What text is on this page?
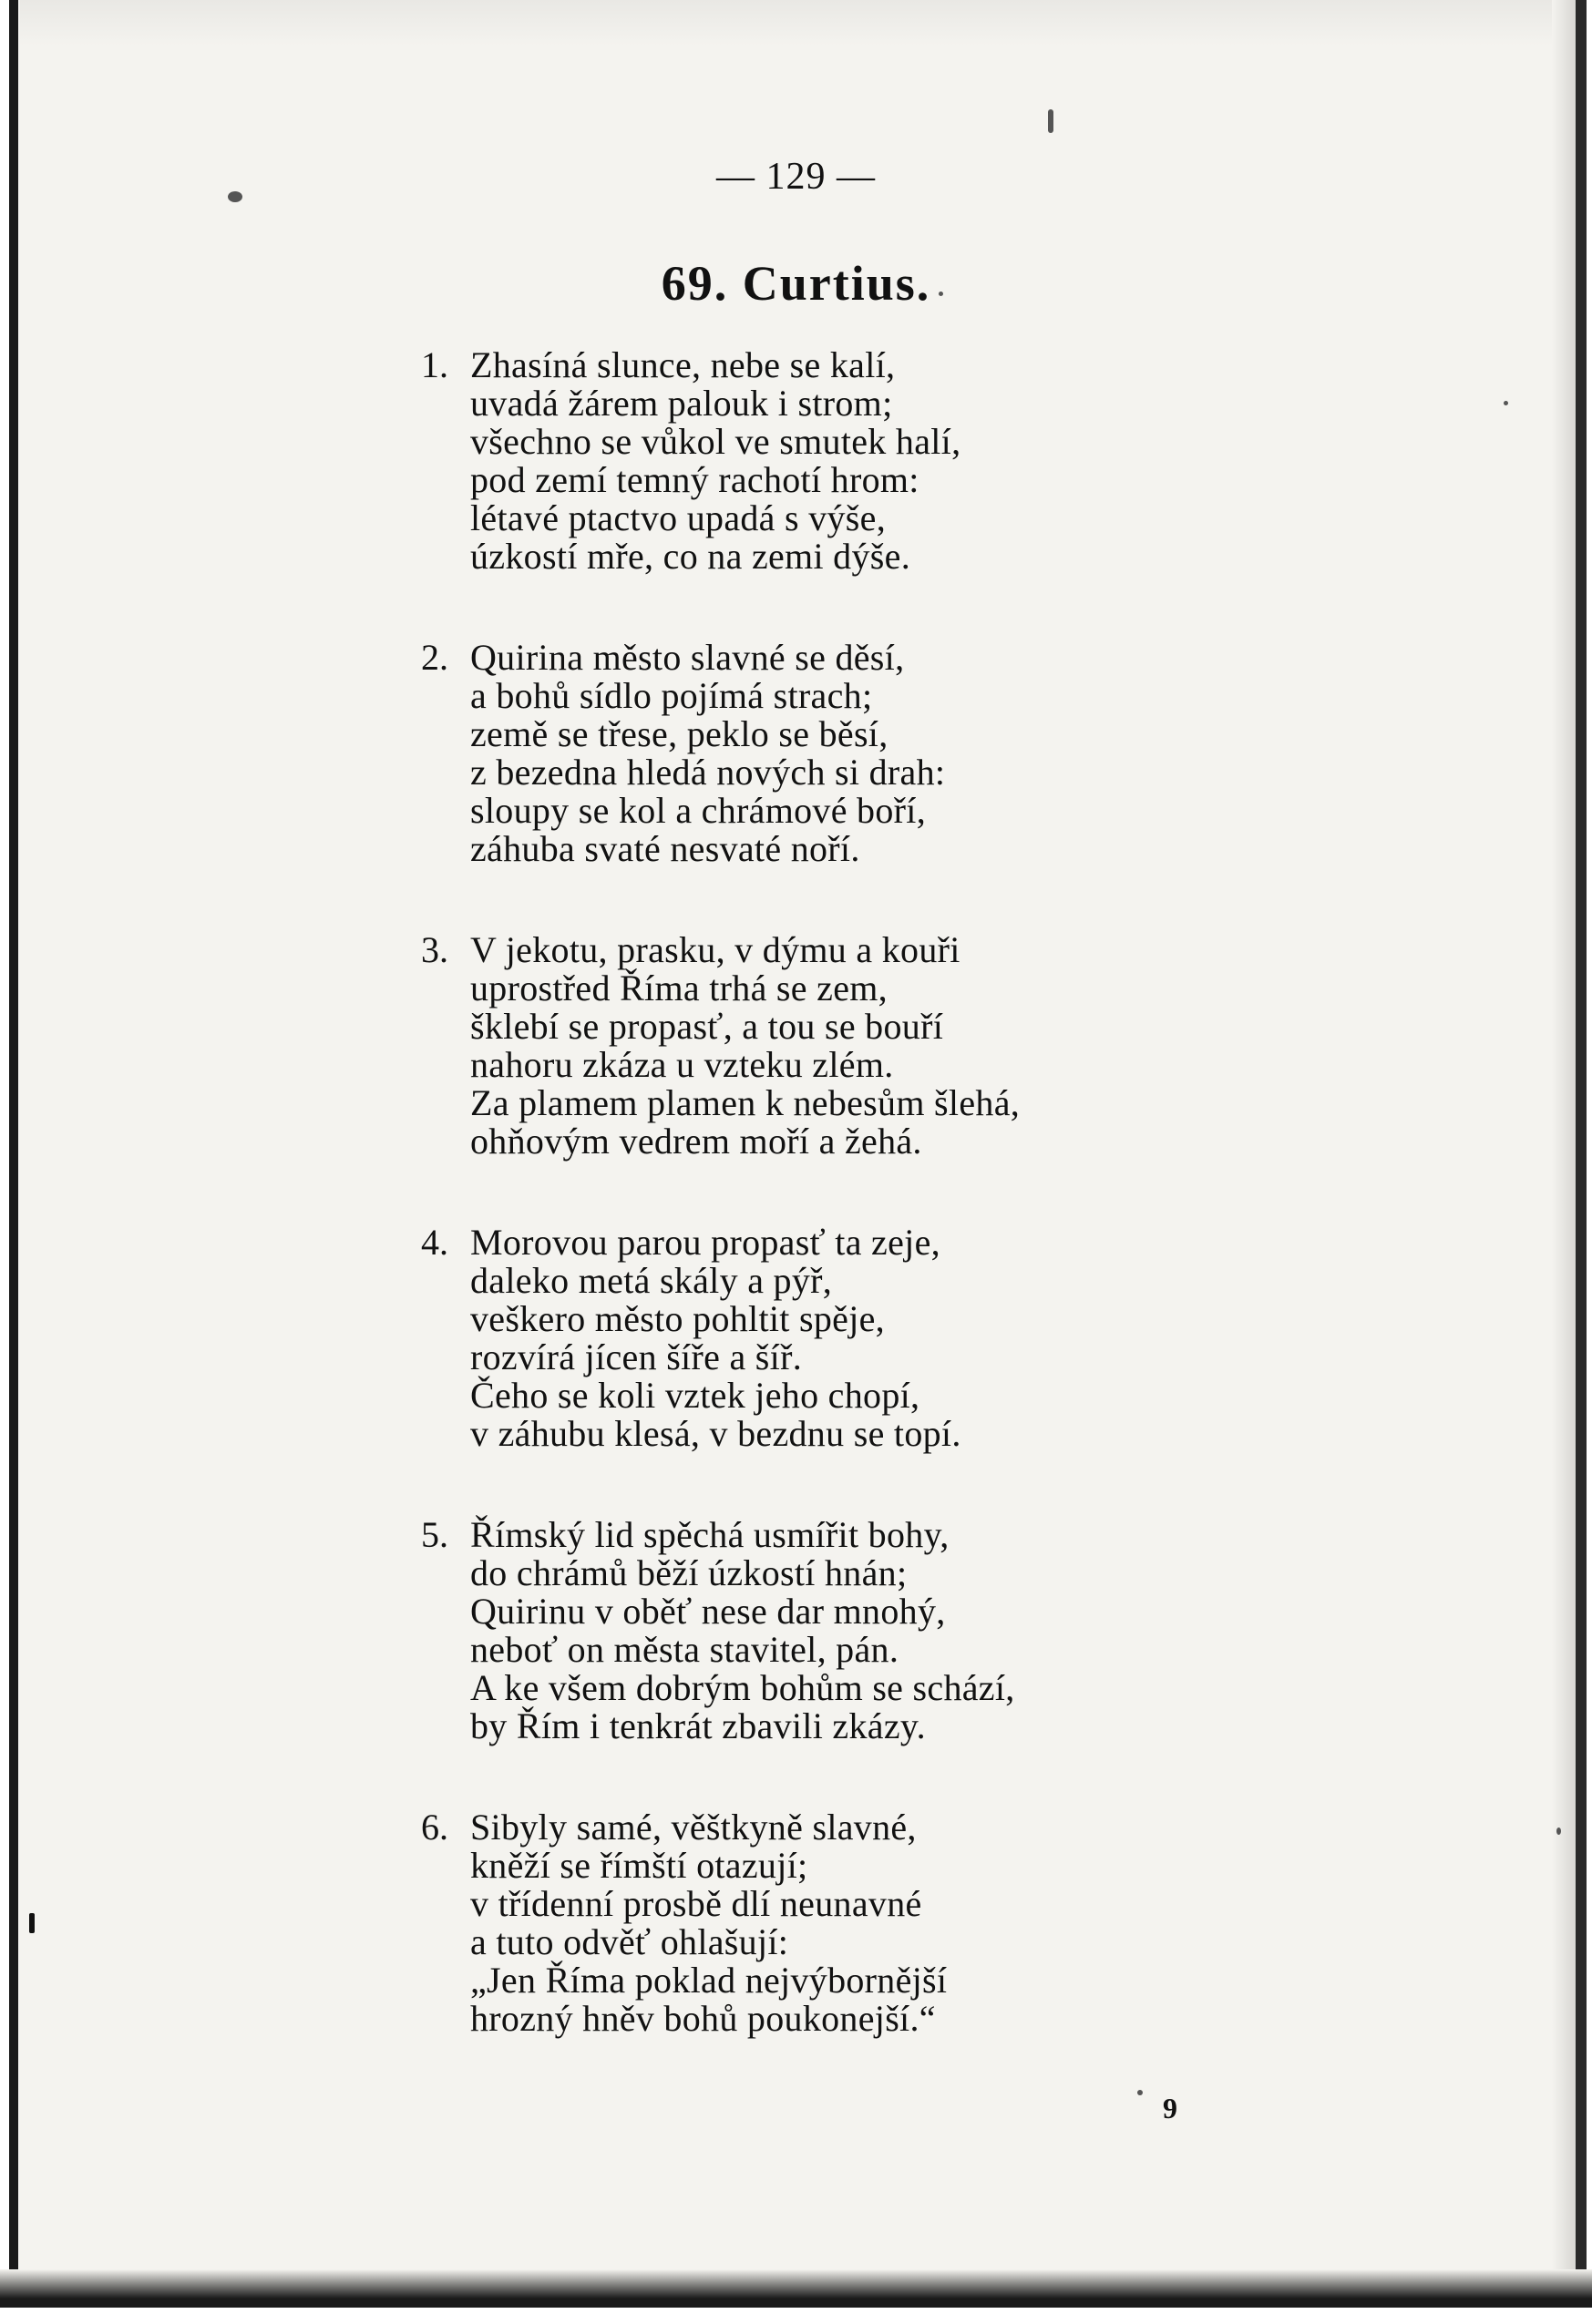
— 129 —
69. Curtius.
1. Zhasíná slunce, nebe se kalí,
uvadá žárem palouk i strom;
všechno se vůkol ve smutek halí,
pod zemí temný rachotí hrom:
létavé ptactvo upadá s výše,
úzkostí mře, co na zemi dýše.
2. Quirina město slavné se děsí,
a bohů sídlo pojímá strach;
země se třese, peklo se běsí,
z bezedna hledá nových si drah:
sloupy se kol a chrámové boří,
záhuba svaté nesvaté noří.
3. V jekotu, prasku, v dýmu a kouři
uprostřed Říma trhá se zem,
šklebí se propasť, a tou se bouří
nahoru zkáza u vzteku zlém.
Za plamem plamen k nebesům šlehá,
ohňovým vedrem moří a žehá.
4. Morovou parou propasť ta zeje,
daleko metá skály a pýř,
veškero město pohltit spěje,
rozvírá jícen šíře a šíř.
Čeho se koli vztek jeho chopí,
v záhubu klesá, v bezdnu se topí.
5. Římský lid spěchá usmířit bohy,
do chrámů běží úzkostí hnán;
Quirinu v oběť nese dar mnohý,
neboť on města stavitel, pán.
A ke všem dobrým bohům se schází,
by Řím i tenkrát zbavili zkázy.
6. Sibyly samé, věštkyně slavné,
kněží se římští otazují;
v třídenní prosbě dlí neunavné
a tuto odvěť ohlašují:
„Jen Říma poklad nejvýbornější
hrozný hněv bohů poukonejší.“
9
